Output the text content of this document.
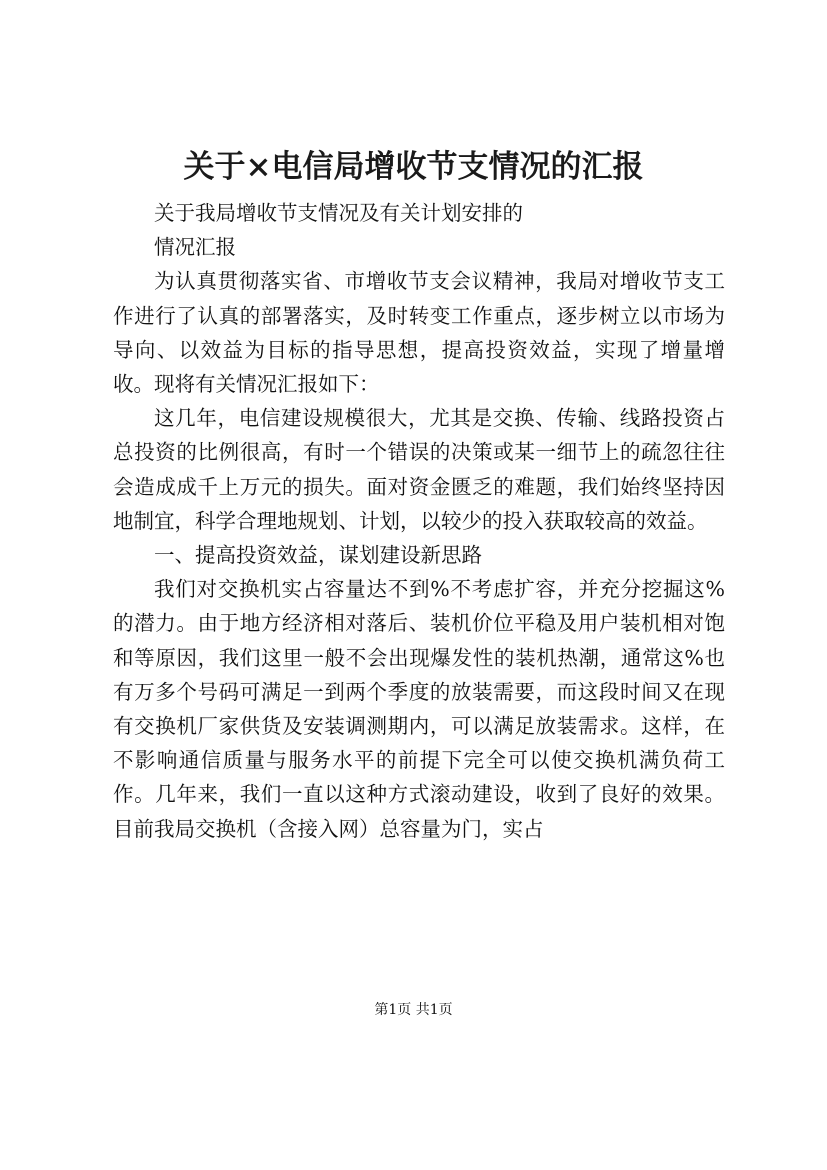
关于×电信局增收节支情况的汇报

关于我局增收节支情况及有关计划安排的

情况汇报

为认真贯彻落实省、市增收节支会议精神，我局对增收节支工作进行了认真的部署落实，及时转变工作重点，逐步树立以市场为导向、以效益为目标的指导思想，提高投资效益，实现了增量增收。现将有关情况汇报如下：

这几年，电信建设规模很大，尤其是交换、传输、线路投资占总投资的比例很高，有时一个错误的决策或某一细节上的疏忽往往会造成成千上万元的损失。面对资金匮乏的难题，我们始终坚持因地制宜，科学合理地规划、计划，以较少的投入获取较高的效益。

一、提高投资效益，谋划建设新思路

我们对交换机实占容量达不到%不考虑扩容，并充分挖掘这%的潜力。由于地方经济相对落后、装机价位平稳及用户装机相对饱和等原因，我们这里一般不会出现爆发性的装机热潮，通常这%也有万多个号码可满足一到两个季度的放装需要，而这段时间又在现有交换机厂家供货及安装调测期内，可以满足放装需求。这样，在不影响通信质量与服务水平的前提下完全可以使交换机满负荷工作。几年来，我们一直以这种方式滚动建设，收到了良好的效果。目前我局交换机（含接入网）总容量为门，实占

第1页 共1页
